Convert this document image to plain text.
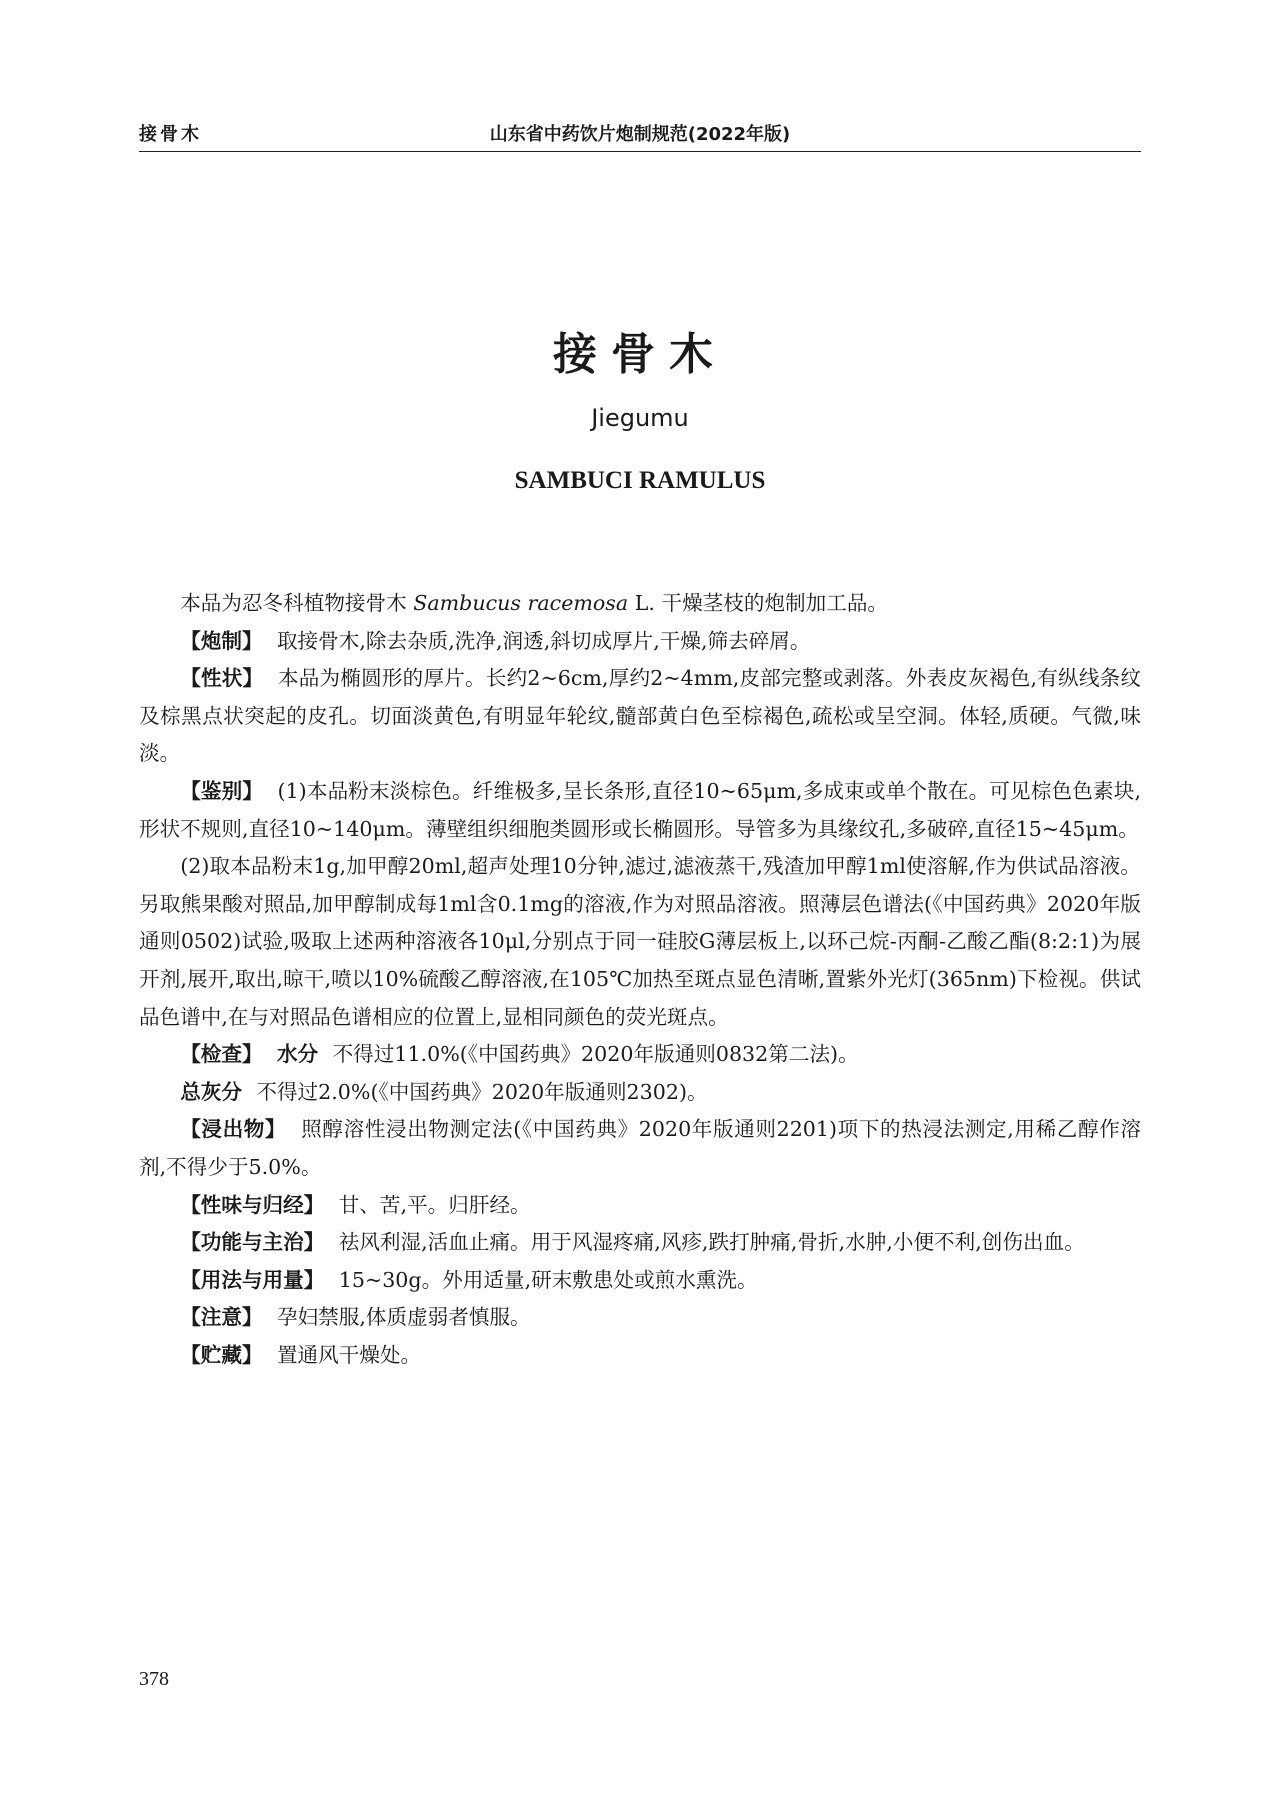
接骨木	山东省中药饮片炮制规范(2022年版)
接骨木
Jiegumu
SAMBUCI RAMULUS

本品为忍冬科植物接骨木 Sambucus racemosa L. 干燥茎枝的炮制加工品。

【炮制】 取接骨木,除去杂质,洗净,润透,斜切成厚片,干燥,筛去碎屑。

【性状】 本品为椭圆形的厚片。长约2~6cm,厚约2~4mm,皮部完整或剥落。外表皮灰褐色,有纵线条纹及棕黑点状突起的皮孔。切面淡黄色,有明显年轮纹,髓部黄白色至棕褐色,疏松或呈空洞。体轻,质硬。气微,味淡。

【鉴别】 (1)本品粉末淡棕色。纤维极多,呈长条形,直径10~65μm,多成束或单个散在。可见棕色色素块,形状不规则,直径10~140μm。薄壁组织细胞类圆形或长椭圆形。导管多为具缘纹孔,多破碎,直径15~45μm。

(2)取本品粉末1g,加甲醇20ml,超声处理10分钟,滤过,滤液蒸干,残渣加甲醇1ml使溶解,作为供试品溶液。另取熊果酸对照品,加甲醇制成每1ml含0.1mg的溶液,作为对照品溶液。照薄层色谱法(《中国药典》2020年版通则0502)试验,吸取上述两种溶液各10μl,分别点于同一硅胶G薄层板上,以环己烷-丙酮-乙酸乙酯(8:2:1)为展开剂,展开,取出,晾干,喷以10%硫酸乙醇溶液,在105℃加热至斑点显色清晰,置紫外光灯(365nm)下检视。供试品色谱中,在与对照品色谱相应的位置上,显相同颜色的荧光斑点。

【检查】 水分 不得过11.0%(《中国药典》2020年版通则0832第二法)。

总灰分 不得过2.0%(《中国药典》2020年版通则2302)。

【浸出物】 照醇溶性浸出物测定法(《中国药典》2020年版通则2201)项下的热浸法测定,用稀乙醇作溶剂,不得少于5.0%。

【性味与归经】 甘、苦,平。归肝经。

【功能与主治】 祛风利湿,活血止痛。用于风湿疼痛,风疹,跌打肿痛,骨折,水肿,小便不利,创伤出血。

【用法与用量】 15~30g。外用适量,研末敷患处或煎水熏洗。

【注意】 孕妇禁服,体质虚弱者慎服。

【贮藏】 置通风干燥处。

378
